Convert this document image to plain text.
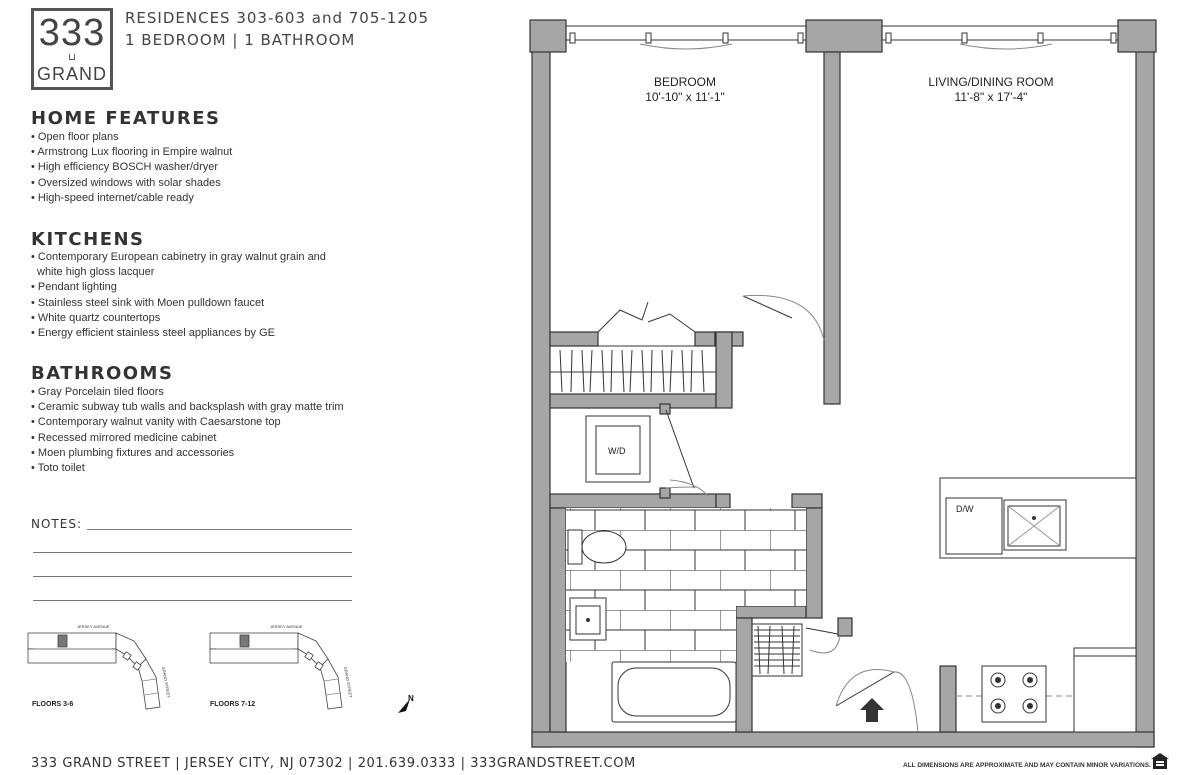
333
⊔
GRAND
RESIDENCES 303-603 and 705-1205
1 BEDROOM | 1 BATHROOM
HOME FEATURES
• Open floor plans
• Armstrong Lux flooring in Empire walnut
• High efficiency BOSCH washer/dryer
• Oversized windows with solar shades
• High-speed internet/cable ready
KITCHENS
• Contemporary European cabinetry in gray walnut grain and
white high gloss lacquer
• Pendant lighting
• Stainless steel sink with Moen pulldown faucet
• White quartz countertops
• Energy efficient stainless steel appliances by GE
BATHROOMS
• Gray Porcelain tiled floors
• Ceramic subway tub walls and backsplash with gray matte trim
• Contemporary walnut vanity with Caesarstone top
• Recessed mirrored medicine cabinet
• Moen plumbing fixtures and accessories
• Toto toilet
NOTES:
JERSEY AVENUE
GRAND STREET
FLOORS 3-6
JERSEY AVENUE
GRAND STREET
FLOORS 7-12
N
W/D
D/W
BEDROOM
10'-10" x 11'-1"
LIVING/DINING ROOM
11'-8" x 17'-4"
333 GRAND STREET | JERSEY CITY, NJ 07302 | 201.639.0333 | 333GRANDSTREET.COM	ALL DIMENSIONS ARE APPROXIMATE AND MAY CONTAIN MINOR VARIATIONS.
